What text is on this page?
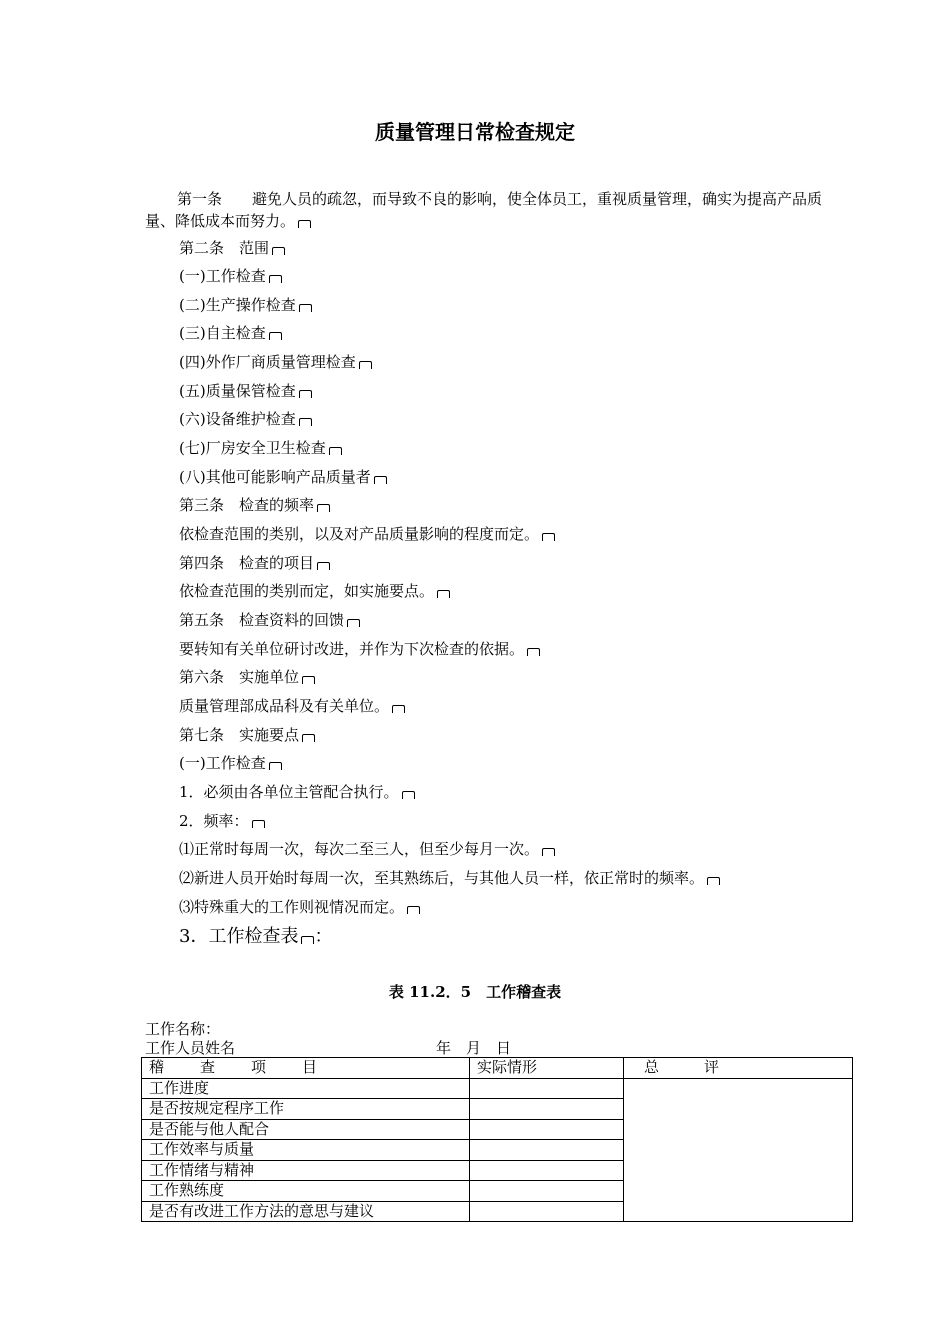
质量管理日常检查规定
第一条　　 避免人员的疏忽，而导致不良的影响，使全体员工，重视质量管理，确实为提高产品质量、降低成本而努力。
第二条　范围
(一)工作检查
(二)生产操作检查
(三)自主检查
(四)外作厂商质量管理检查
(五)质量保管检查
(六)设备维护检查
(七)厂房安全卫生检查
(八)其他可能影响产品质量者
第三条　检查的频率
依检查范围的类别，以及对产品质量影响的程度而定。
第四条　检查的项目
依检查范围的类别而定，如实施要点。
第五条　检查资料的回馈
要转知有关单位研讨改进，并作为下次检查的依据。
第六条　实施单位
质量管理部成品科及有关单位。
第七条　实施要点
(一)工作检查
1．必须由各单位主管配合执行。
2．频率：
⑴正常时每周一次，每次二至三人，但至少每月一次。
⑵新进人员开始时每周一次，至其熟练后，与其他人员一样，依正常时的频率。
⑶特殊重大的工作则视情况而定。
3．工作检查表 ：
表 11.2．5　工作稽查表
工作名称：
工作人员姓名	年　月　日
稽　　查　　项　　目	实际情形	总　　　评
工作进度		
是否按规定程序工作		
是否能与他人配合		
工作效率与质量		
工作情绪与精神		
工作熟练度		
是否有改进工作方法的意思与建议		
